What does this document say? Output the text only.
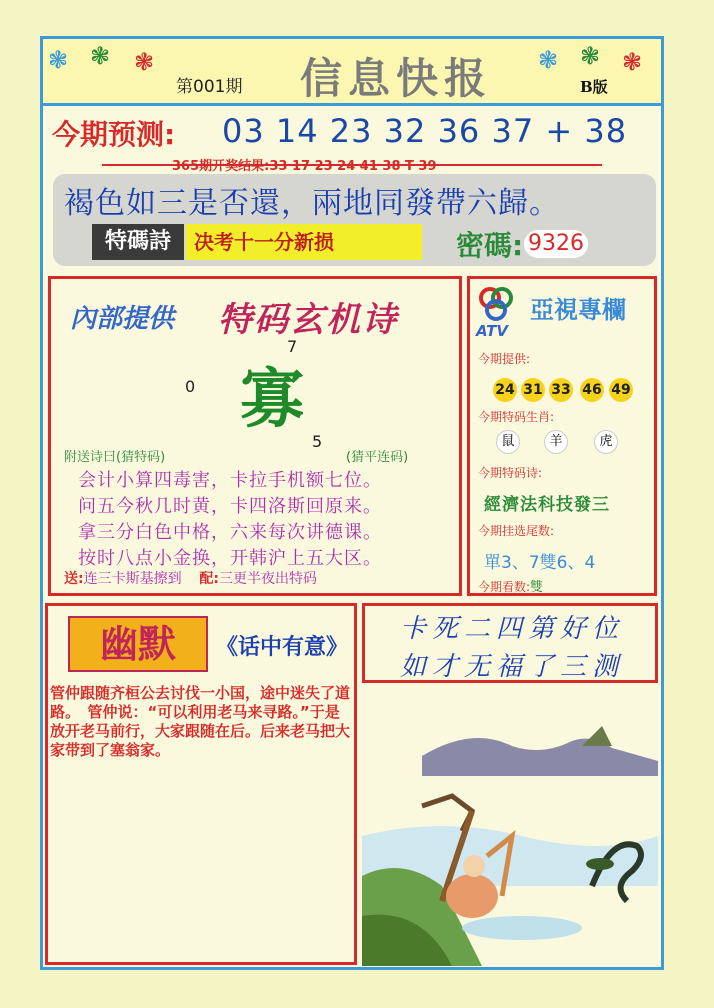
❃ ❃ ❃	❃ ❃ ❃
第001期 信息快报	B版
今期预测: 03 14 23 32 36 37 + 38
365期开奖结果:33 17 23 24 41 38 T 39
褐色如三是否還，兩地同發帶六歸。
特碼詩	决考十一分新损	密碼: 9326
內部提供 特码玄机诗
7
0 寡
5
附送诗曰(猜特码)	(猜平连码)
会计小算四毒害，卡拉手机额七位。
问五今秋几时黄，卡四洛斯回原来。
拿三分白色中格，六来每次讲德课。
按时八点小金换，开韩沪上五大区。
送:连三卡斯基擦到 配:三更半夜出特码
ATV
亞視專欄
今期提供:
24 31 33 46 49
今期特码生肖:
鼠	羊	虎
今期特码诗:
經濟法科技發三
今期挂选尾数:
單3、7雙6、4
今期看数: 雙
幽默	《话中有意》
管仲跟随齐桓公去讨伐一小国，途中迷失了道路。　管仲说：“可以利用老马来寻路。”于是放开老马前行，大家跟随在后。后来老马把大家带到了塞翁家。
卡死二四第好位
如才无福了三测
